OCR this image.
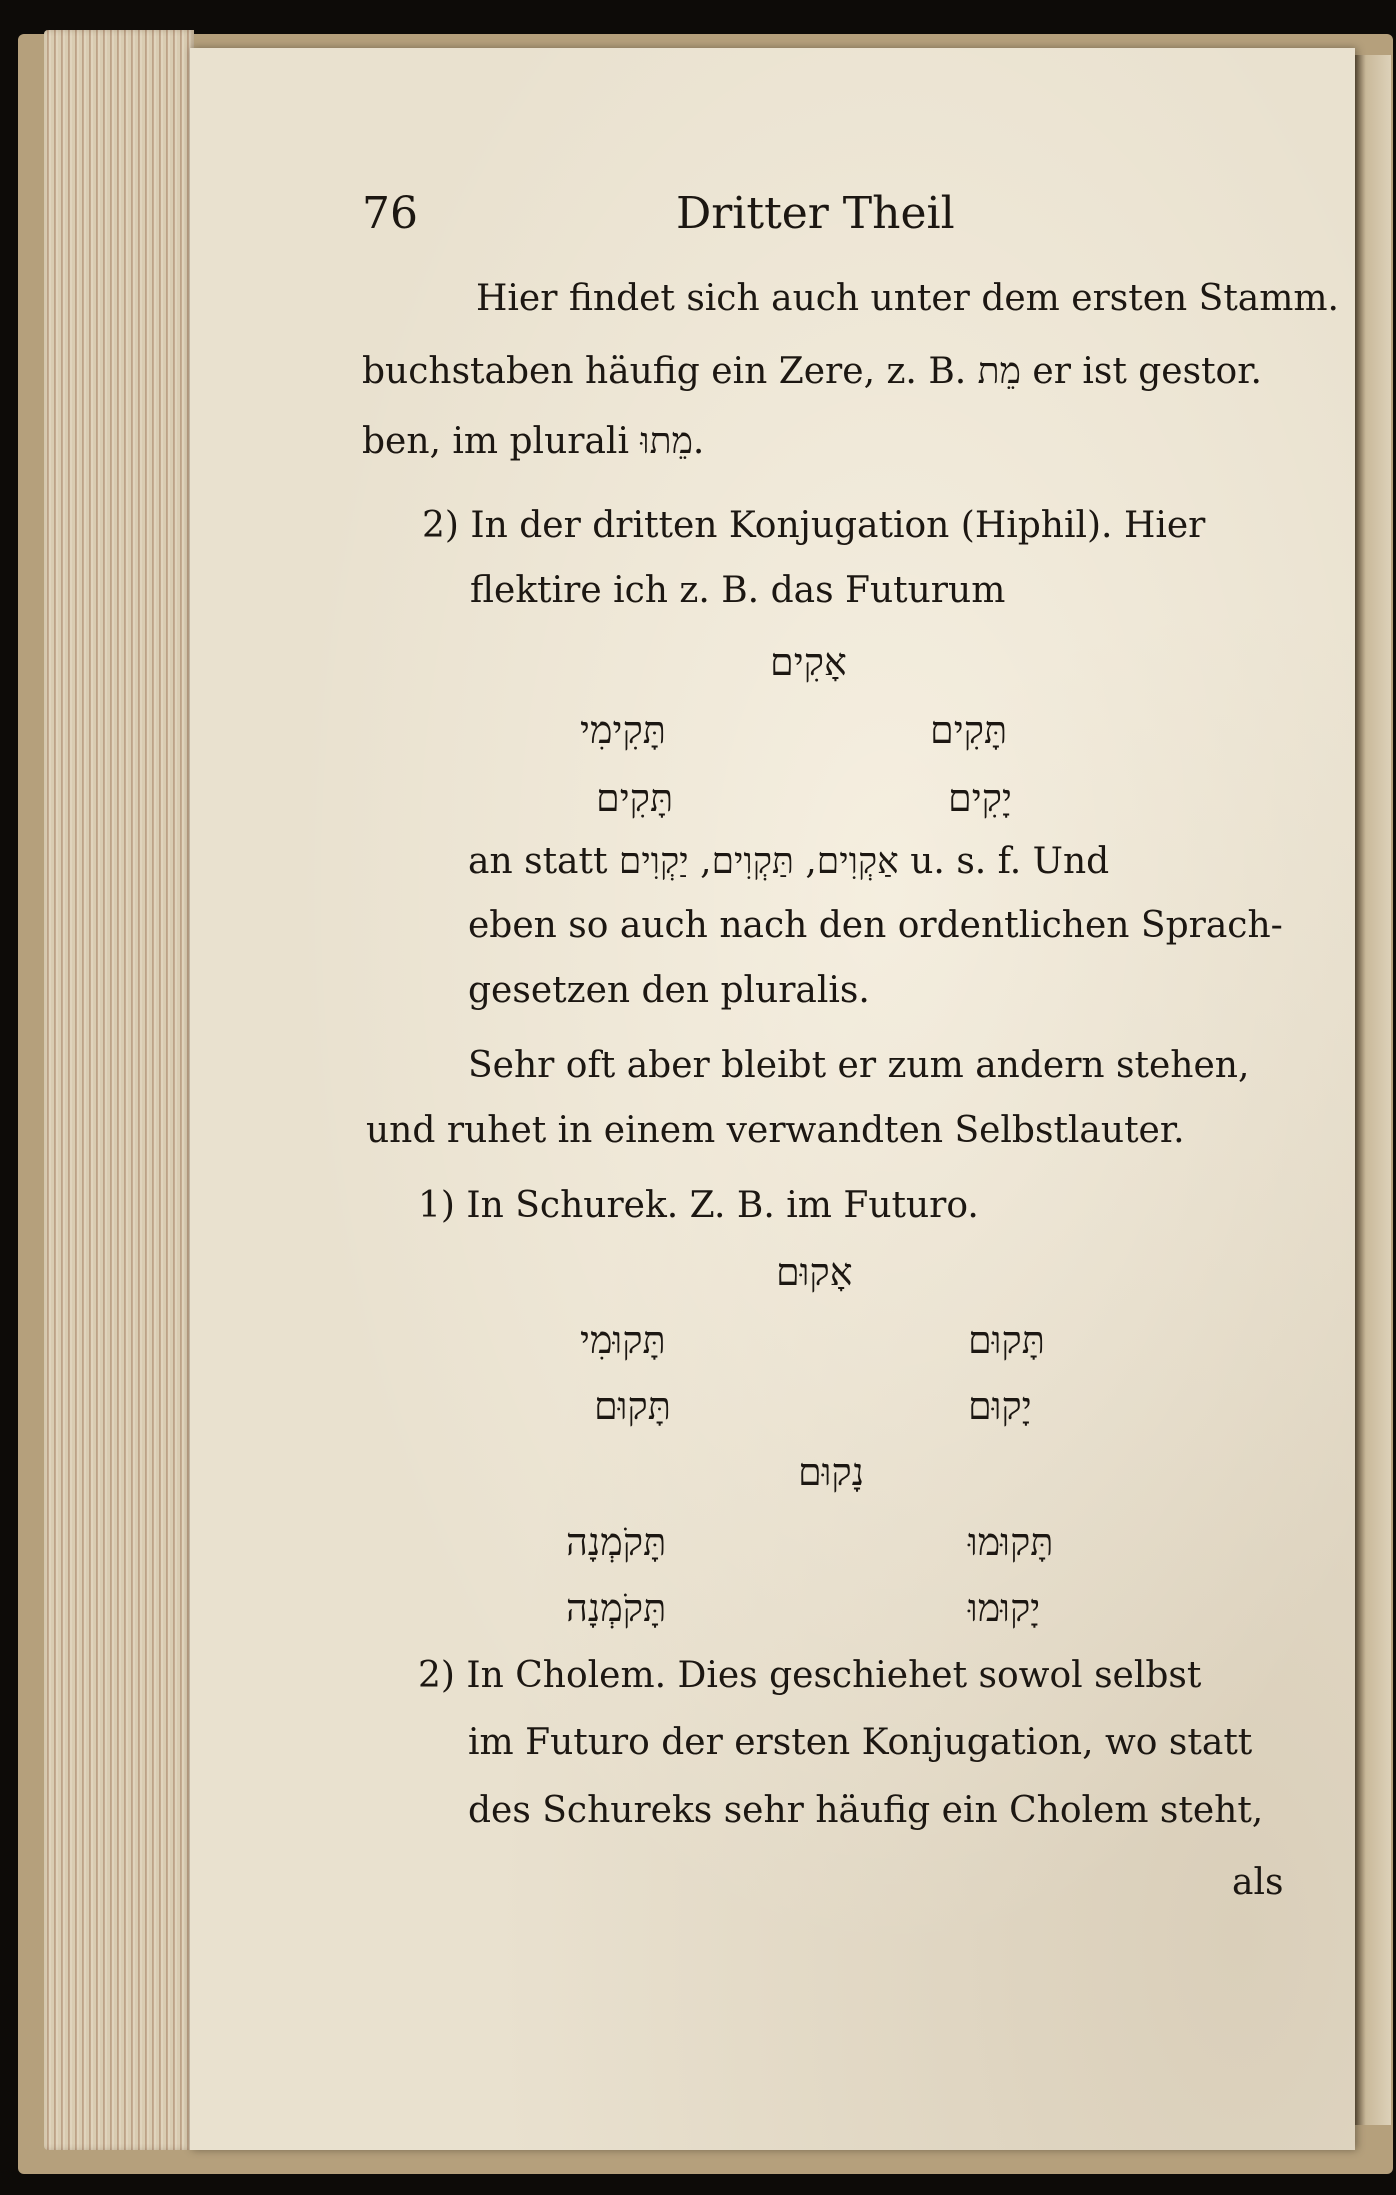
76	Dritter Theil
Hier findet sich auch unter dem ersten Stamm.
buchstaben häufig ein Zere, z. B. מֵת er ist gestor.
ben, im plurali מֵתוּ.
2) In der dritten Konjugation (Hiphil). Hier
flektire ich z. B. das Futurum
אָקִים
תָּקִימִי	תָּקִים
תָּקִים	יָקִים
an statt אַקְוִים, תַּקְוִים, יַקְוִים u. s. f. Und
eben so auch nach den ordentlichen Sprach-
gesetzen den pluralis.
Sehr oft aber bleibt er zum andern stehen,
und ruhet in einem verwandten Selbstlauter.
1) In Schurek. Z. B. im Futuro.
אָקוּם
תָּקוּמִי	תָּקוּם
תָּקוּם	יָקוּם
נָקוּם
תָּקֹמְנָה	תָּקוּמוּ
תָּקֹמְנָה	יָקוּמוּ
2) In Cholem. Dies geschiehet sowol selbst
im Futuro der ersten Konjugation, wo statt
des Schureks sehr häufig ein Cholem steht,
als
